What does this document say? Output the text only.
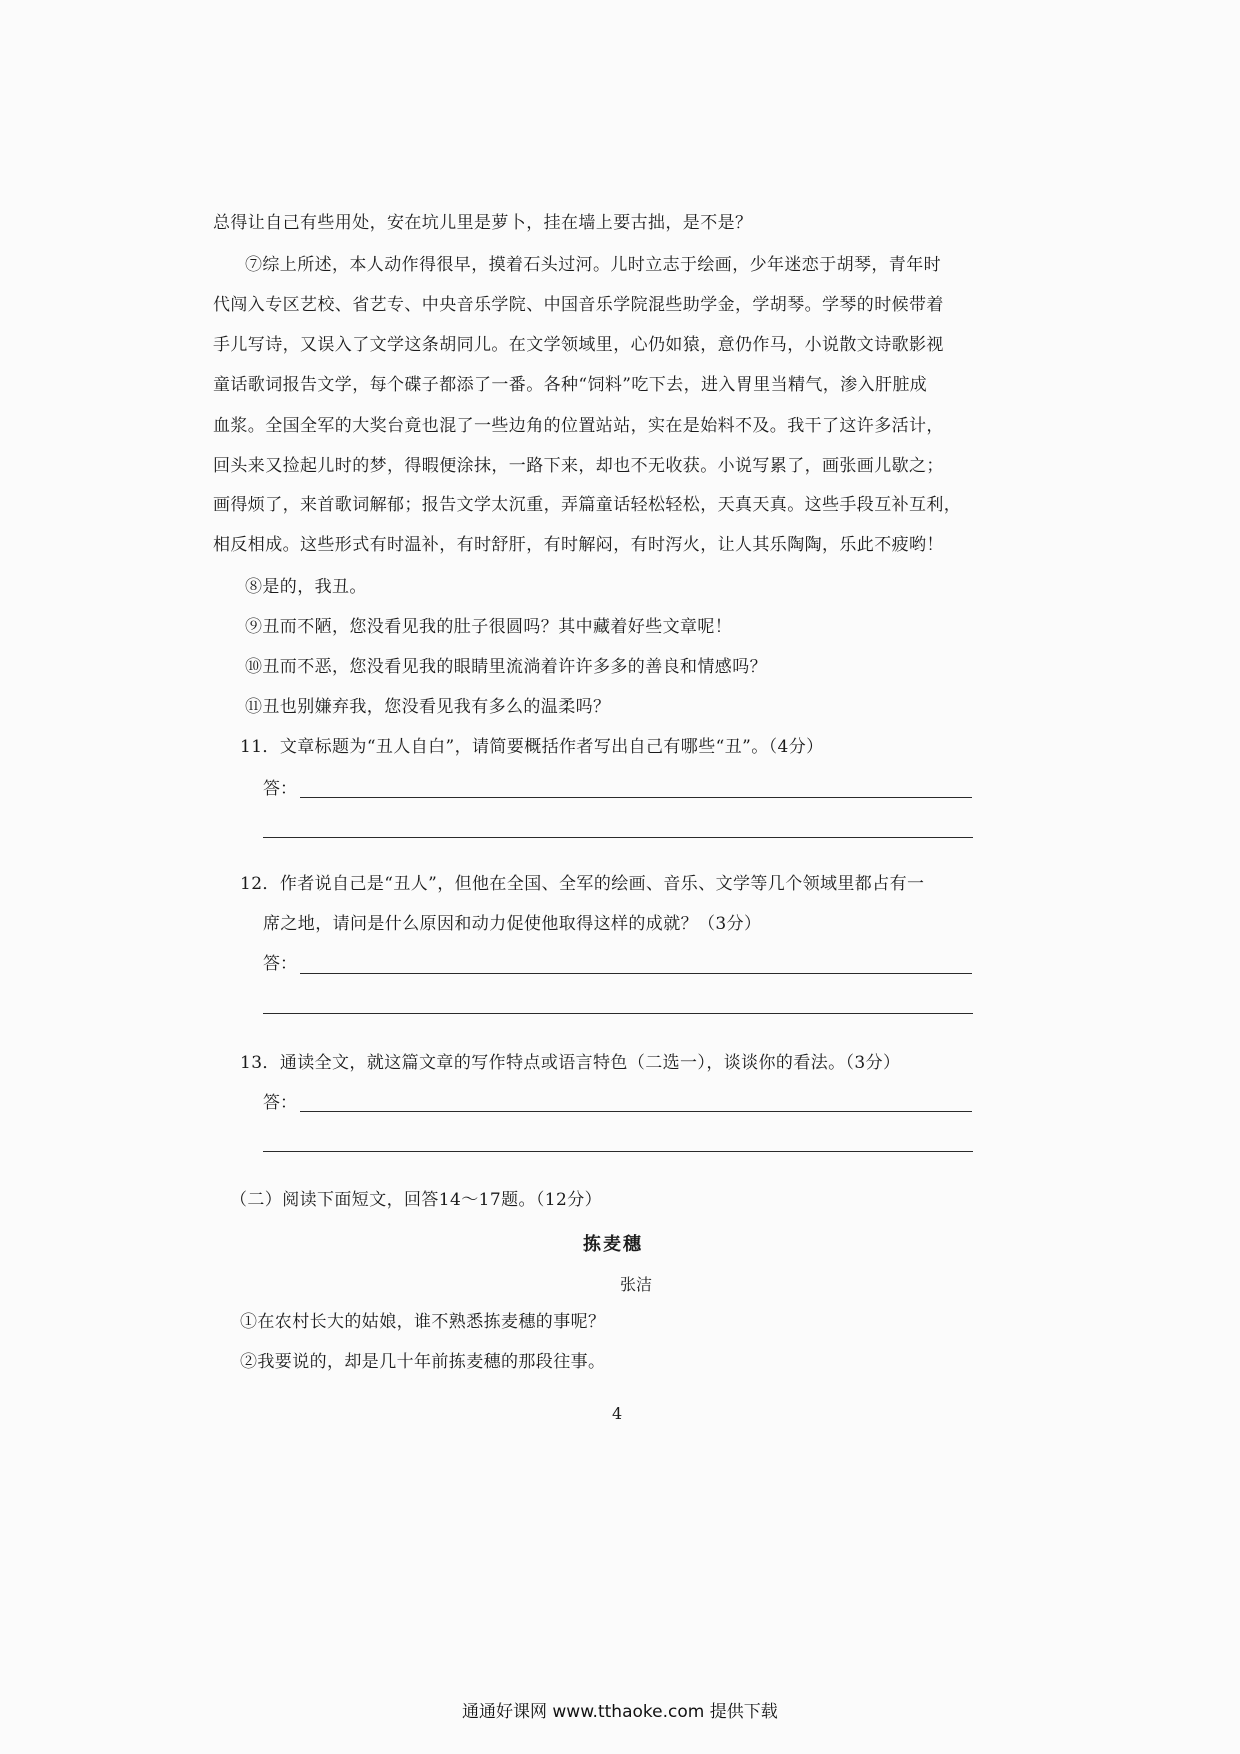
总得让自己有些用处，安在坑儿里是萝卜，挂在墙上要古拙，是不是？
⑦综上所述，本人动作得很早，摸着石头过河。儿时立志于绘画，少年迷恋于胡琴，青年时
代闯入专区艺校、省艺专、中央音乐学院、中国音乐学院混些助学金，学胡琴。学琴的时候带着
手儿写诗，又误入了文学这条胡同儿。在文学领域里，心仍如猿，意仍作马，小说散文诗歌影视
童话歌词报告文学，每个碟子都添了一番。各种“饲料”吃下去，进入胃里当精气，渗入肝脏成
血浆。全国全军的大奖台竟也混了一些边角的位置站站，实在是始料不及。我干了这许多活计，
回头来又捡起儿时的梦，得暇便涂抹，一路下来，却也不无收获。小说写累了，画张画儿歇之；
画得烦了，来首歌词解郁；报告文学太沉重，弄篇童话轻松轻松，天真天真。这些手段互补互利，
相反相成。这些形式有时温补，有时舒肝，有时解闷，有时泻火，让人其乐陶陶，乐此不疲哟！
⑧是的，我丑。
⑨丑而不陋，您没看见我的肚子很圆吗？其中藏着好些文章呢！
⑩丑而不恶，您没看见我的眼睛里流淌着许许多多的善良和情感吗？
⑪丑也别嫌弃我，您没看见我有多么的温柔吗？
11．文章标题为“丑人自白”，请简要概括作者写出自己有哪些“丑”。（4分）
答：
12．作者说自己是“丑人”，但他在全国、全军的绘画、音乐、文学等几个领域里都占有一
席之地，请问是什么原因和动力促使他取得这样的成就？（3分）
答：
13．通读全文，就这篇文章的写作特点或语言特色（二选一），谈谈你的看法。（3分）
答：
（二）阅读下面短文，回答14～17题。（12分）
拣麦穗
张洁
①在农村长大的姑娘，谁不熟悉拣麦穗的事呢？
②我要说的，却是几十年前拣麦穗的那段往事。
4
通通好课网 www.tthaoke.com 提供下载
